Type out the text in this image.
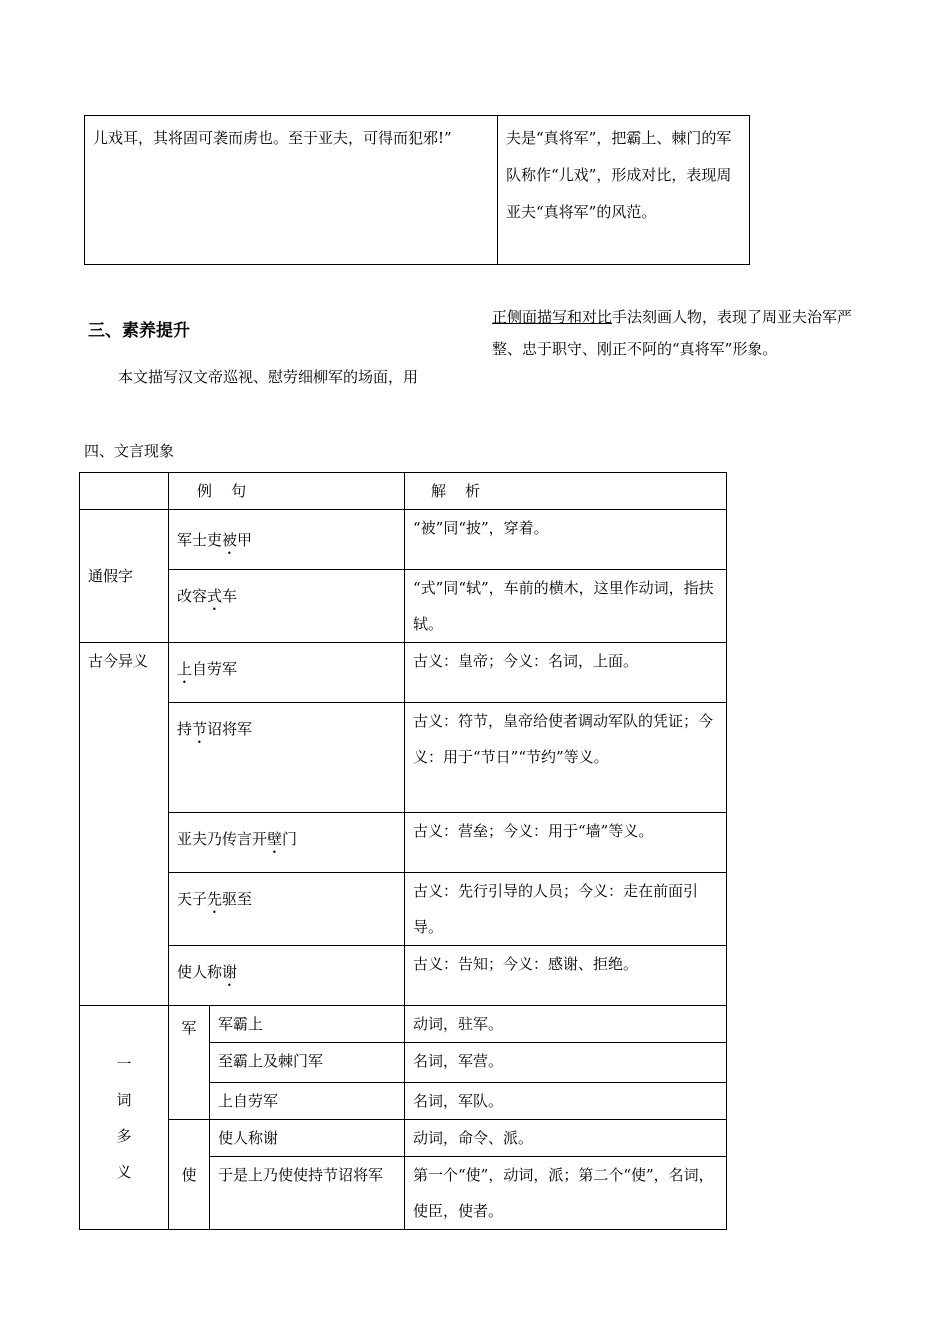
儿戏耳，其将固可袭而虏也。至于亚夫，可得而犯邪!”	夫是“真将军”，把霸上、棘门的军队称作“儿戏”，形成对比，表现周亚夫“真将军”的风范。
三、素养提升
本文描写汉文帝巡视、慰劳细柳军的场面，用
正侧面描写和对比手法刻画人物，表现了周亚夫治军严整、忠于职守、刚正不阿的“真将军”形象。
四、文言现象
	例    句		解    析
通假字	军士吏被甲		“被”同“披”，穿着。
	改容式车		“式”同“轼”，车前的横木，这里作动词，指扶轼。
古今异义	上自劳军		古义：皇帝；今义：名词，上面。
	持节诏将军		古义：符节，皇帝给使者调动军队的凭证；今义：用于“节日”“节约”等义。
	亚夫乃传言开壁门		古义：营垒；今义：用于“墙”等义。
	天子先驱至		古义：先行引导的人员；今义：走在前面引导。
	使人称谢		古义：告知；今义：感谢、拒绝。

一
词
多
义	军	军霸上	动词，驻军。
		至霸上及棘门军	名词，军营。
		上自劳军	名词，军队。
	使	使人称谢	动词，命令、派。
		于是上乃使使持节诏将军	第一个“使”，动词，派；第二个“使”，名词，使臣，使者。
